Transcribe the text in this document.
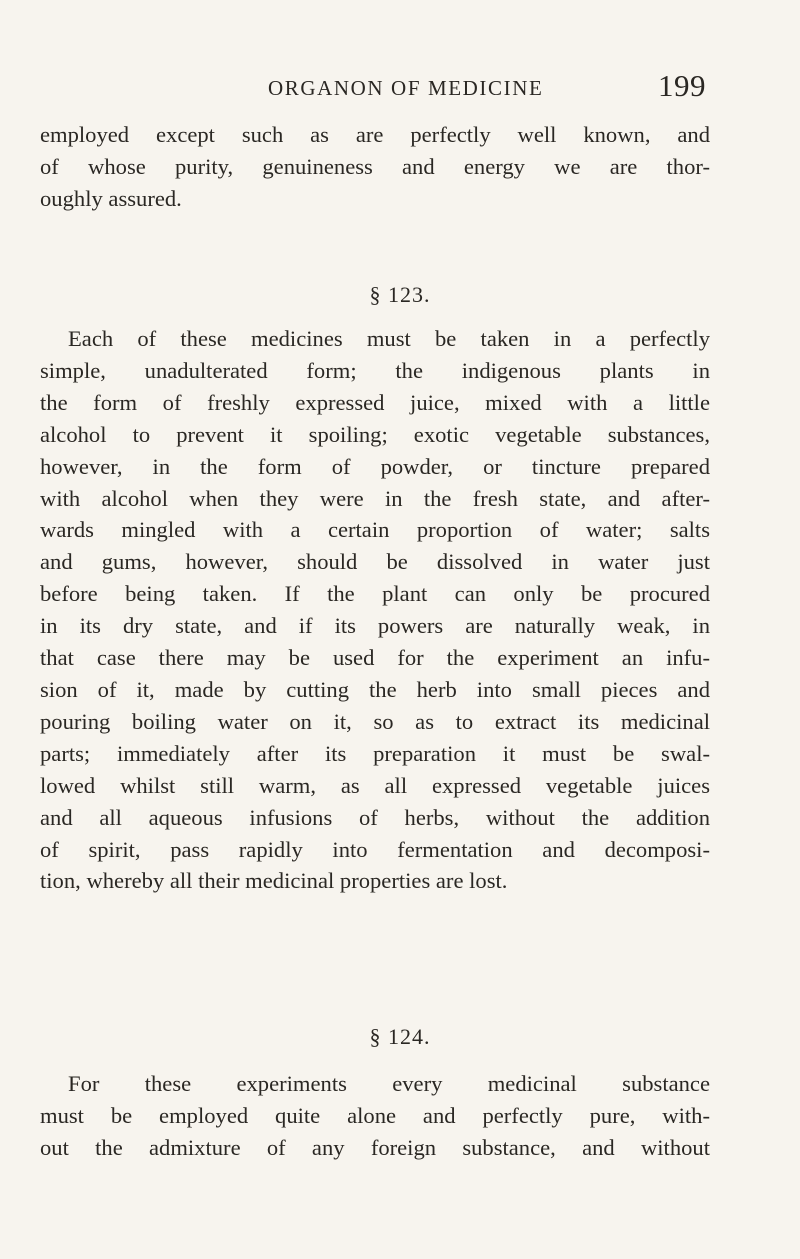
ORGANON OF MEDICINE	199
employed except such as are perfectly well known, and
of whose purity, genuineness and energy we are thor-
oughly assured.
§ 123.
Each of these medicines must be taken in a perfectly
simple, unadulterated form; the indigenous plants in
the form of freshly expressed juice, mixed with a little
alcohol to prevent it spoiling; exotic vegetable substances,
however, in the form of powder, or tincture prepared
with alcohol when they were in the fresh state, and after-
wards mingled with a certain proportion of water; salts
and gums, however, should be dissolved in water just
before being taken. If the plant can only be procured
in its dry state, and if its powers are naturally weak, in
that case there may be used for the experiment an infu-
sion of it, made by cutting the herb into small pieces and
pouring boiling water on it, so as to extract its medicinal
parts; immediately after its preparation it must be swal-
lowed whilst still warm, as all expressed vegetable juices
and all aqueous infusions of herbs, without the addition
of spirit, pass rapidly into fermentation and decomposi-
tion, whereby all their medicinal properties are lost.
§ 124.
For these experiments every medicinal substance
must be employed quite alone and perfectly pure, with-
out the admixture of any foreign substance, and without
